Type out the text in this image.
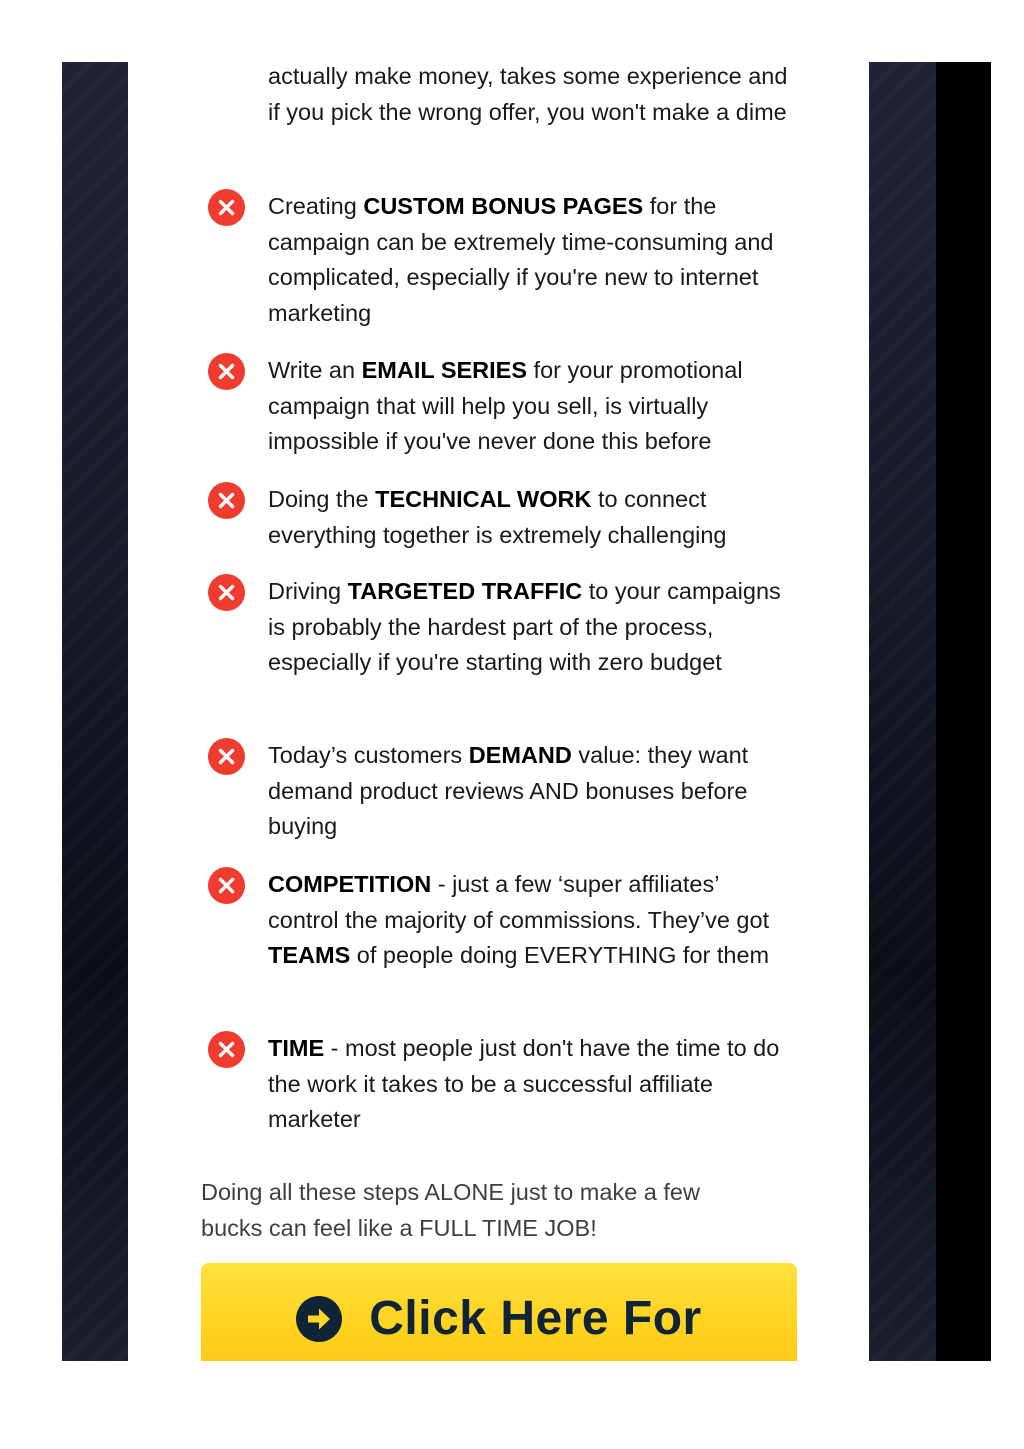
actually make money, takes some experience and if you pick the wrong offer, you won't make a dime
Creating CUSTOM BONUS PAGES for the campaign can be extremely time-consuming and complicated, especially if you're new to internet marketing
Write an EMAIL SERIES for your promotional campaign that will help you sell, is virtually impossible if you've never done this before
Doing the TECHNICAL WORK to connect everything together is extremely challenging
Driving TARGETED TRAFFIC to your campaigns is probably the hardest part of the process, especially if you're starting with zero budget
Today’s customers DEMAND value: they want demand product reviews AND bonuses before buying
COMPETITION - just a few ‘super affiliates’ control the majority of commissions. They’ve got TEAMS of people doing EVERYTHING for them
TIME - most people just don't have the time to do the work it takes to be a successful affiliate marketer
Doing all these steps ALONE just to make a few bucks can feel like a FULL TIME JOB!
Click Here For
